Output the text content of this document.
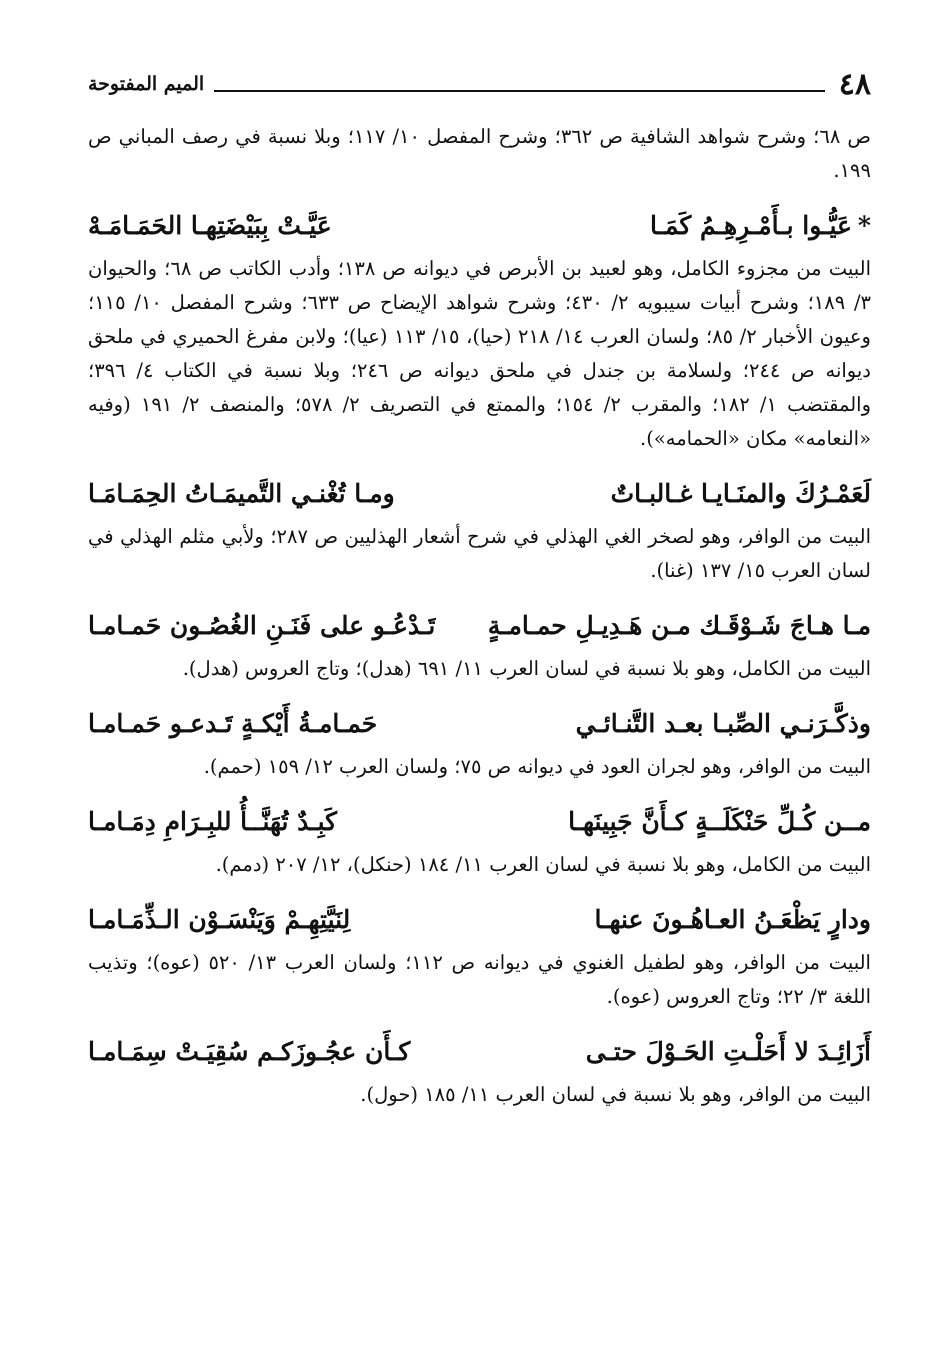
٤٨
الميم المفتوحة

ص ٦٨؛ وشرح شواهد الشافية ص ٣٦٢؛ وشرح المفصل ١٠/ ١١٧؛ وبلا نسبة في رصف المباني ص ١٩٩.

*عَيُّـوا بـأَمْـرِهِـمُ كَمَـا
عَيَّـتْ بِبَيْضَتِهـا الحَمَـامَـهْ

البيت من مجزوء الكامل، وهو لعبيد بن الأبرص في ديوانه ص ١٣٨؛ وأدب الكاتب ص ٦٨؛ والحيوان ٣/ ١٨٩؛ وشرح أبيات سيبويه ٢/ ٤٣٠؛ وشرح شواهد الإيضاح ص ٦٣٣؛ وشرح المفصل ١٠/ ١١٥؛ وعيون الأخبار ٢/ ٨٥؛ ولسان العرب ١٤/ ٢١٨ (حيا)، ١٥/ ١١٣ (عيا)؛ ولابن مفرغ الحميري في ملحق ديوانه ص ٢٤٤؛ ولسلامة بن جندل في ملحق ديوانه ص ٢٤٦؛ وبلا نسبة في الكتاب ٤/ ٣٩٦؛ والمقتضب ١/ ١٨٢؛ والمقرب ٢/ ١٥٤؛ والممتع في التصريف ٢/ ٥٧٨؛ والمنصف ٢/ ١٩١ (وفيه «النعامه» مكان «الحمامه»).

لَعَمْـرُكَ والمنَـايـا غـالبـاتٌ
ومـا تُغْنـي التَّميمَـاتُ الحِمَـامَـا

البيت من الوافر، وهو لصخر الغي الهذلي في شرح أشعار الهذليين ص ٢٨٧؛ ولأبي مثلم الهذلي في لسان العرب ١٥/ ١٣٧ (غنا).

مـا هـاجَ شَـوْقَـك مـن هَـدِيـلِ حمـامـةٍ
تَـدْعُـو على فَنَـنِ الغُصُـون حَمـامـا

البيت من الكامل، وهو بلا نسبة في لسان العرب ١١/ ٦٩١ (هدل)؛ وتاج العروس (هدل).

وذكَّـرَنـي الصِّبـا بعـد التَّنـائـي
حَمـامـةُ أَيْكـةٍ تَـدعـو حَمـامـا

البيت من الوافر، وهو لجران العود في ديوانه ص ٧٥؛ ولسان العرب ١٢/ ١٥٩ (حمم).

مــن كُـلِّ حَنْكَلَــةٍ كـأَنَّ جَبِينَهـا
كَبِـدٌ تُهَنَّــأُ للبِـرَامِ دِمَـامـا

البيت من الكامل، وهو بلا نسبة في لسان العرب ١١/ ١٨٤ (حنكل)، ١٢/ ٢٠٧ (دمم).

ودارٍ يَظْعَـنُ العـاهُـونَ عنهـا
لِنَيَّتِهِـمْ وَيَنْسَـوْن الـذِّمَـامـا

البيت من الوافر، وهو لطفيل الغنوي في ديوانه ص ١١٢؛ ولسان العرب ١٣/ ٥٢٠ (عوه)؛ وتذيب اللغة ٣/ ٢٢؛ وتاج العروس (عوه).

أَزَائِـدَ لا أَحَلْـتِ الحَـوْلَ حتـى
كـأَن عجُـوزَكـم سُقِيَـتْ سِمَـامـا

البيت من الوافر، وهو بلا نسبة في لسان العرب ١١/ ١٨٥ (حول).
